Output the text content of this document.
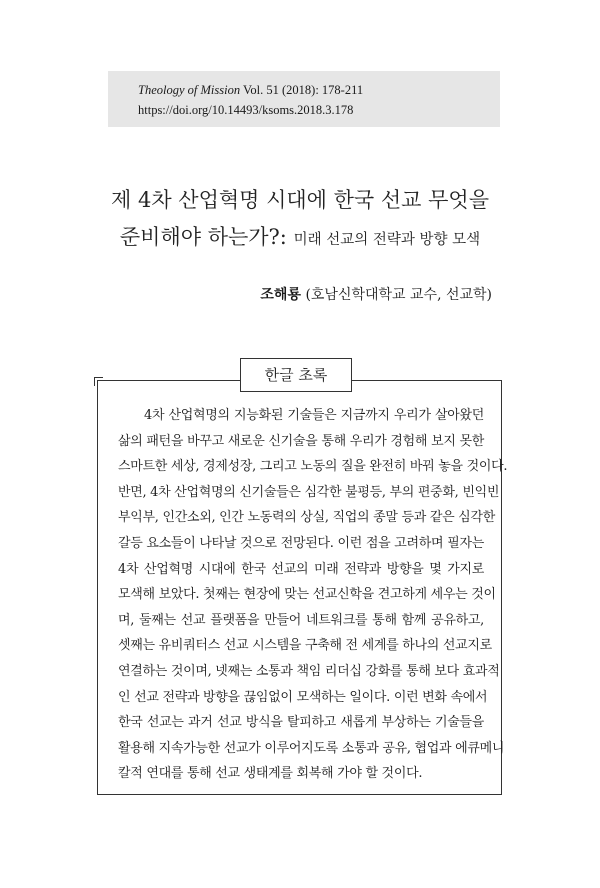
Theology of Mission Vol. 51 (2018): 178-211
https://doi.org/10.14493/ksoms.2018.3.178
제 4차 산업혁명 시대에 한국 선교 무엇을
준비해야 하는가?: 미래 선교의 전략과 방향 모색
조해룡 (호남신학대학교 교수, 선교학)
한글 초록
4차 산업혁명의 지능화된 기술들은 지금까지 우리가 살아왔던
삶의 패턴을 바꾸고 새로운 신기술을 통해 우리가 경험해 보지 못한
스마트한 세상, 경제성장, 그리고 노동의 질을 완전히 바꿔 놓을 것이다.
반면, 4차 산업혁명의 신기술들은 심각한 불평등, 부의 편중화, 빈익빈
부익부, 인간소외, 인간 노동력의 상실, 직업의 종말 등과 같은 심각한
갈등 요소들이 나타날 것으로 전망된다. 이런 점을 고려하며 필자는
4차 산업혁명 시대에 한국 선교의 미래 전략과 방향을 몇 가지로
모색해 보았다. 첫째는 현장에 맞는 선교신학을 견고하게 세우는 것이
며, 둘째는 선교 플랫폼을 만들어 네트워크를 통해 함께 공유하고,
셋째는 유비쿼터스 선교 시스템을 구축해 전 세계를 하나의 선교지로
연결하는 것이며, 넷째는 소통과 책임 리더십 강화를 통해 보다 효과적
인 선교 전략과 방향을 끊임없이 모색하는 일이다. 이런 변화 속에서
한국 선교는 과거 선교 방식을 탈피하고 새롭게 부상하는 기술들을
활용해 지속가능한 선교가 이루어지도록 소통과 공유, 협업과 에큐메니
칼적 연대를 통해 선교 생태계를 회복해 가야 할 것이다.
